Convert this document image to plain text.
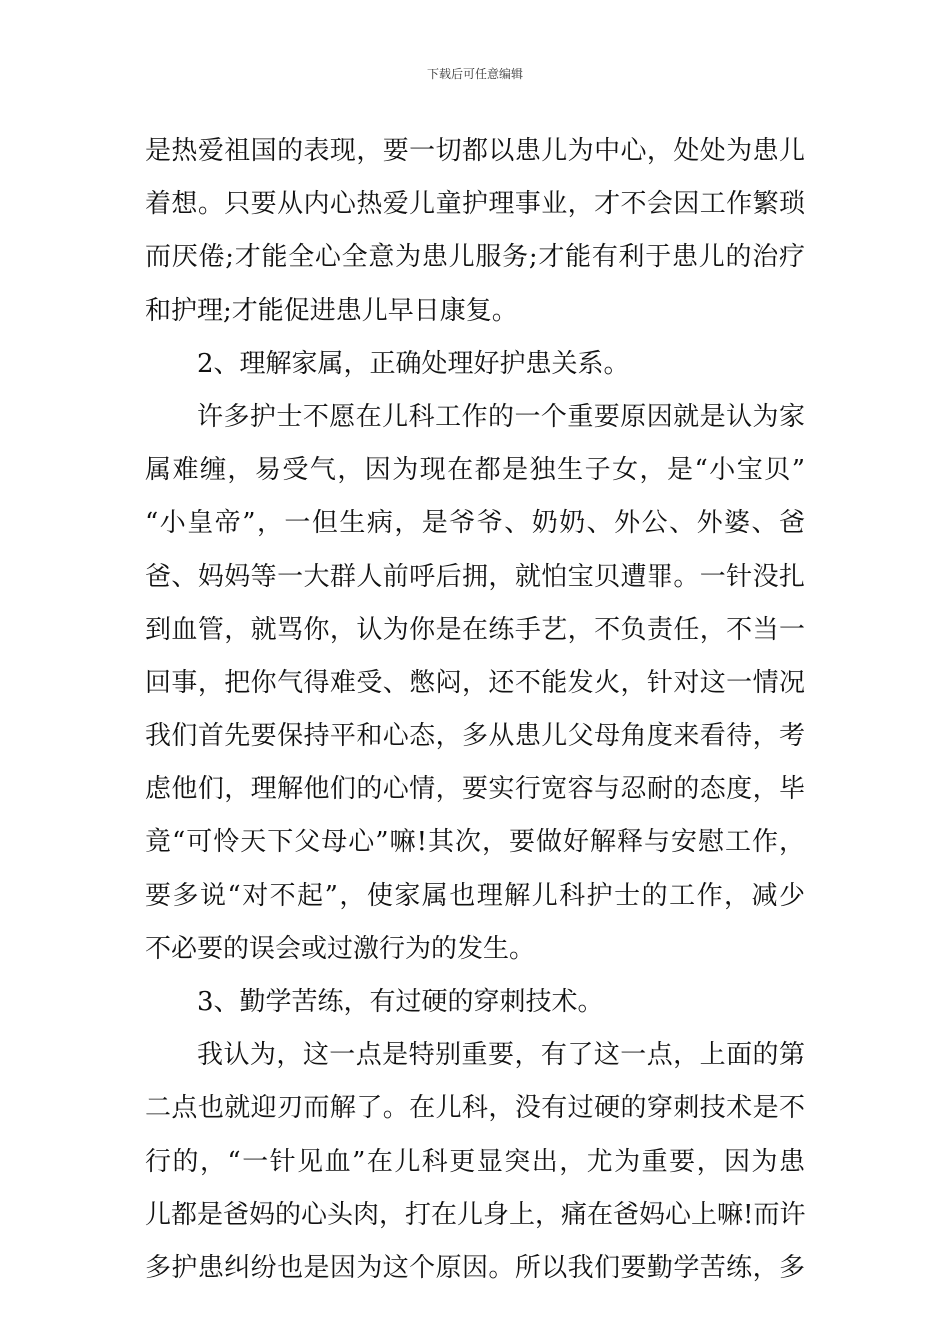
下载后可任意编辑
是热爱祖国的表现，要一切都以患儿为中心，处处为患儿
着想。只要从内心热爱儿童护理事业，才不会因工作繁琐
而厌倦;才能全心全意为患儿服务;才能有利于患儿的治疗
和护理;才能促进患儿早日康复。
2、理解家属，正确处理好护患关系。
许多护士不愿在儿科工作的一个重要原因就是认为家
属难缠，易受气，因为现在都是独生子女，是“小宝贝”
“小皇帝”，一但生病，是爷爷、奶奶、外公、外婆、爸
爸、妈妈等一大群人前呼后拥，就怕宝贝遭罪。一针没扎
到血管，就骂你，认为你是在练手艺，不负责任，不当一
回事，把你气得难受、憋闷，还不能发火，针对这一情况
我们首先要保持平和心态，多从患儿父母角度来看待，考
虑他们，理解他们的心情，要实行宽容与忍耐的态度，毕
竟“可怜天下父母心”嘛!其次，要做好解释与安慰工作，
要多说“对不起”，使家属也理解儿科护士的工作，减少
不必要的误会或过激行为的发生。
3、勤学苦练，有过硬的穿刺技术。
我认为，这一点是特别重要，有了这一点，上面的第
二点也就迎刃而解了。在儿科，没有过硬的穿刺技术是不
行的，“一针见血”在儿科更显突出，尤为重要，因为患
儿都是爸妈的心头肉，打在儿身上，痛在爸妈心上嘛!而许
多护患纠纷也是因为这个原因。所以我们要勤学苦练，多
